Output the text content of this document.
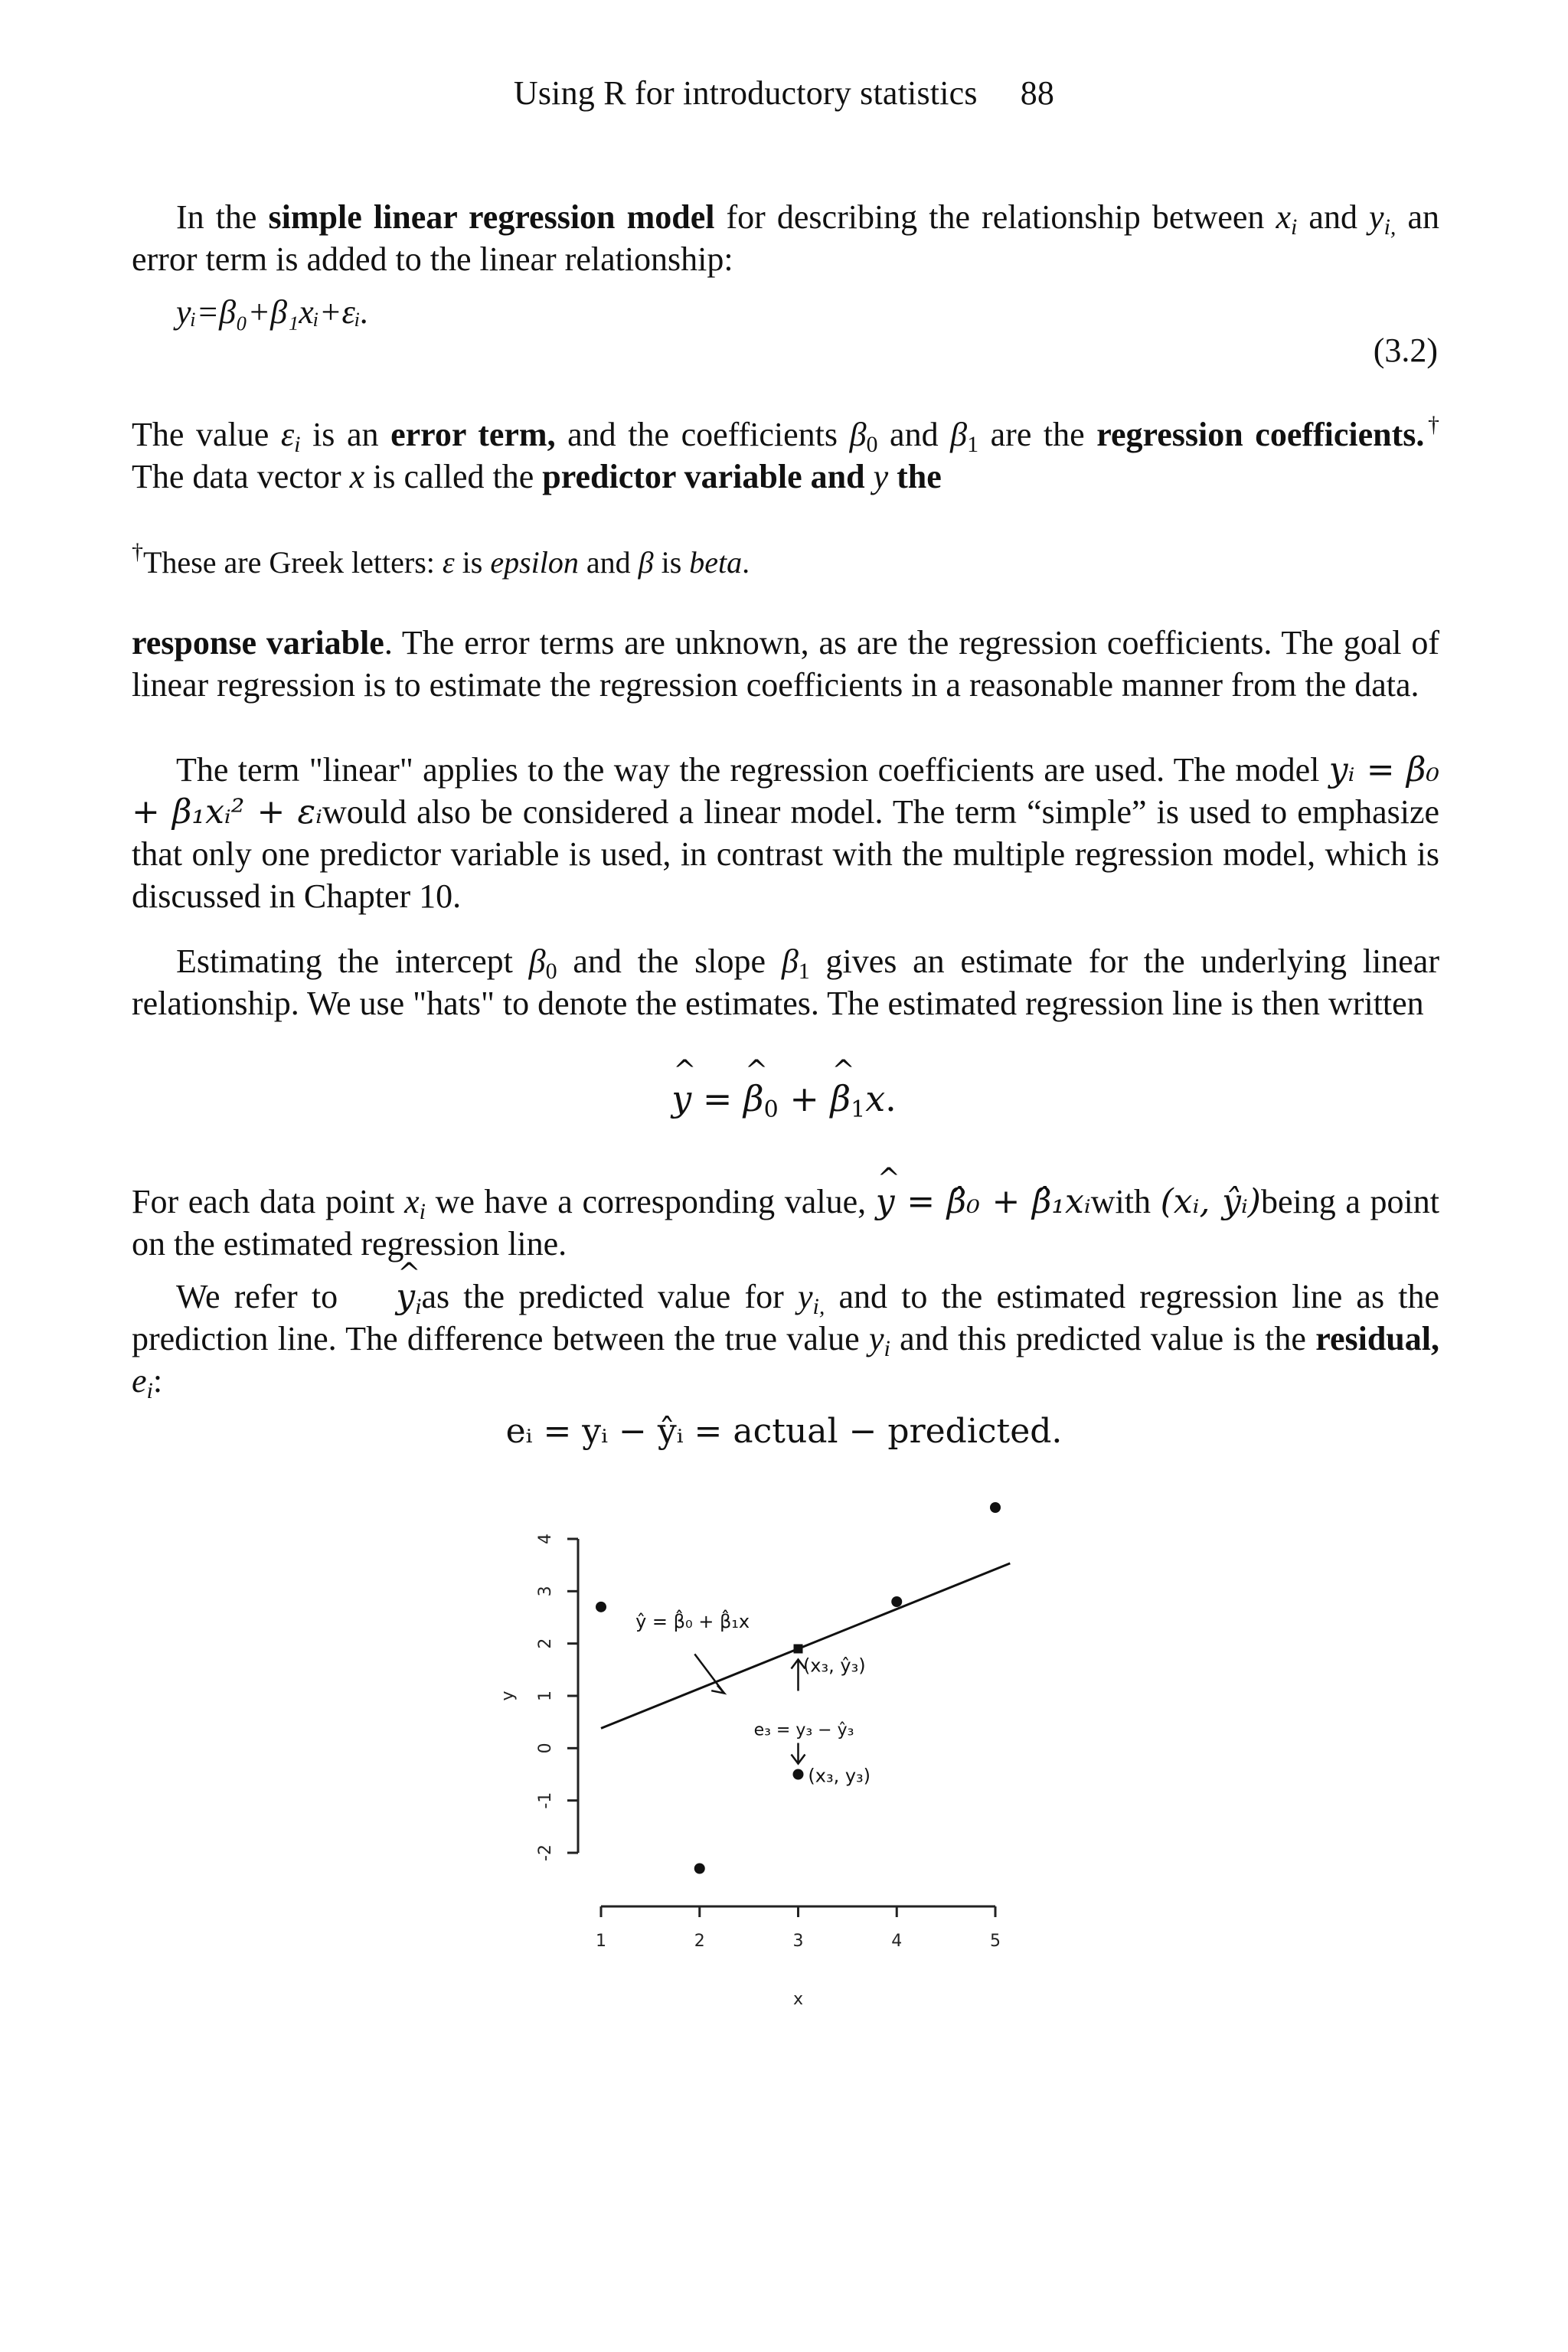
Using R for introductory statistics 88

In the simple linear regression model for describing the relationship between $x_i$ and $y_{i,}$ an error term is added to the linear relationship:

yᵢ=β₀+β₁xᵢ+εᵢ.
(3.2)

The value $\varepsilon_i$ is an error term, and the coefficients $\beta_0$ and $\beta_1$ are the regression coefficients.† The data vector x is called the predictor variable and y the

†These are Greek letters: ε is epsilon and β is beta.

response variable. The error terms are unknown, as are the regression coefficients. The goal of linear regression is to estimate the regression coefficients in a reasonable manner from the data.

The term "linear" applies to the way the regression coefficients are used. The model yᵢ = β₀ + β₁xᵢ² + εᵢwould also be considered a linear model. The term “simple” is used to emphasize that only one predictor variable is used, in contrast with the multiple regression model, which is discussed in Chapter 10.

Estimating the intercept $\beta_0$ and the slope $\beta_1$ gives an estimate for the underlying linear relationship. We use "hats" to denote the estimates. The estimated regression line is then written

^ y = ^ $\beta_0$ + ^ $\beta_1x$.

For each data point $x_i$ we have a corresponding value, ^ y = β̂₀ + β̂₁xᵢwith (xᵢ, ŷᵢ)being a point on the estimated regression line.

We refer to ^ $y_ias$ the predicted value for $y_{i,}$ and to the estimated regression line as the prediction line. The difference between the true value $y_i$ and this predicted value is the residual, $e_i$:

eᵢ = yᵢ − ŷᵢ = actual − predicted.
-2
-1
0
1
2
3
4
y
1	2	3	4	5
x
ŷ = β̂₀ + β̂₁x
(x₃, ŷ₃)
e₃ = y₃ − ŷ₃
(x₃, y₃)
